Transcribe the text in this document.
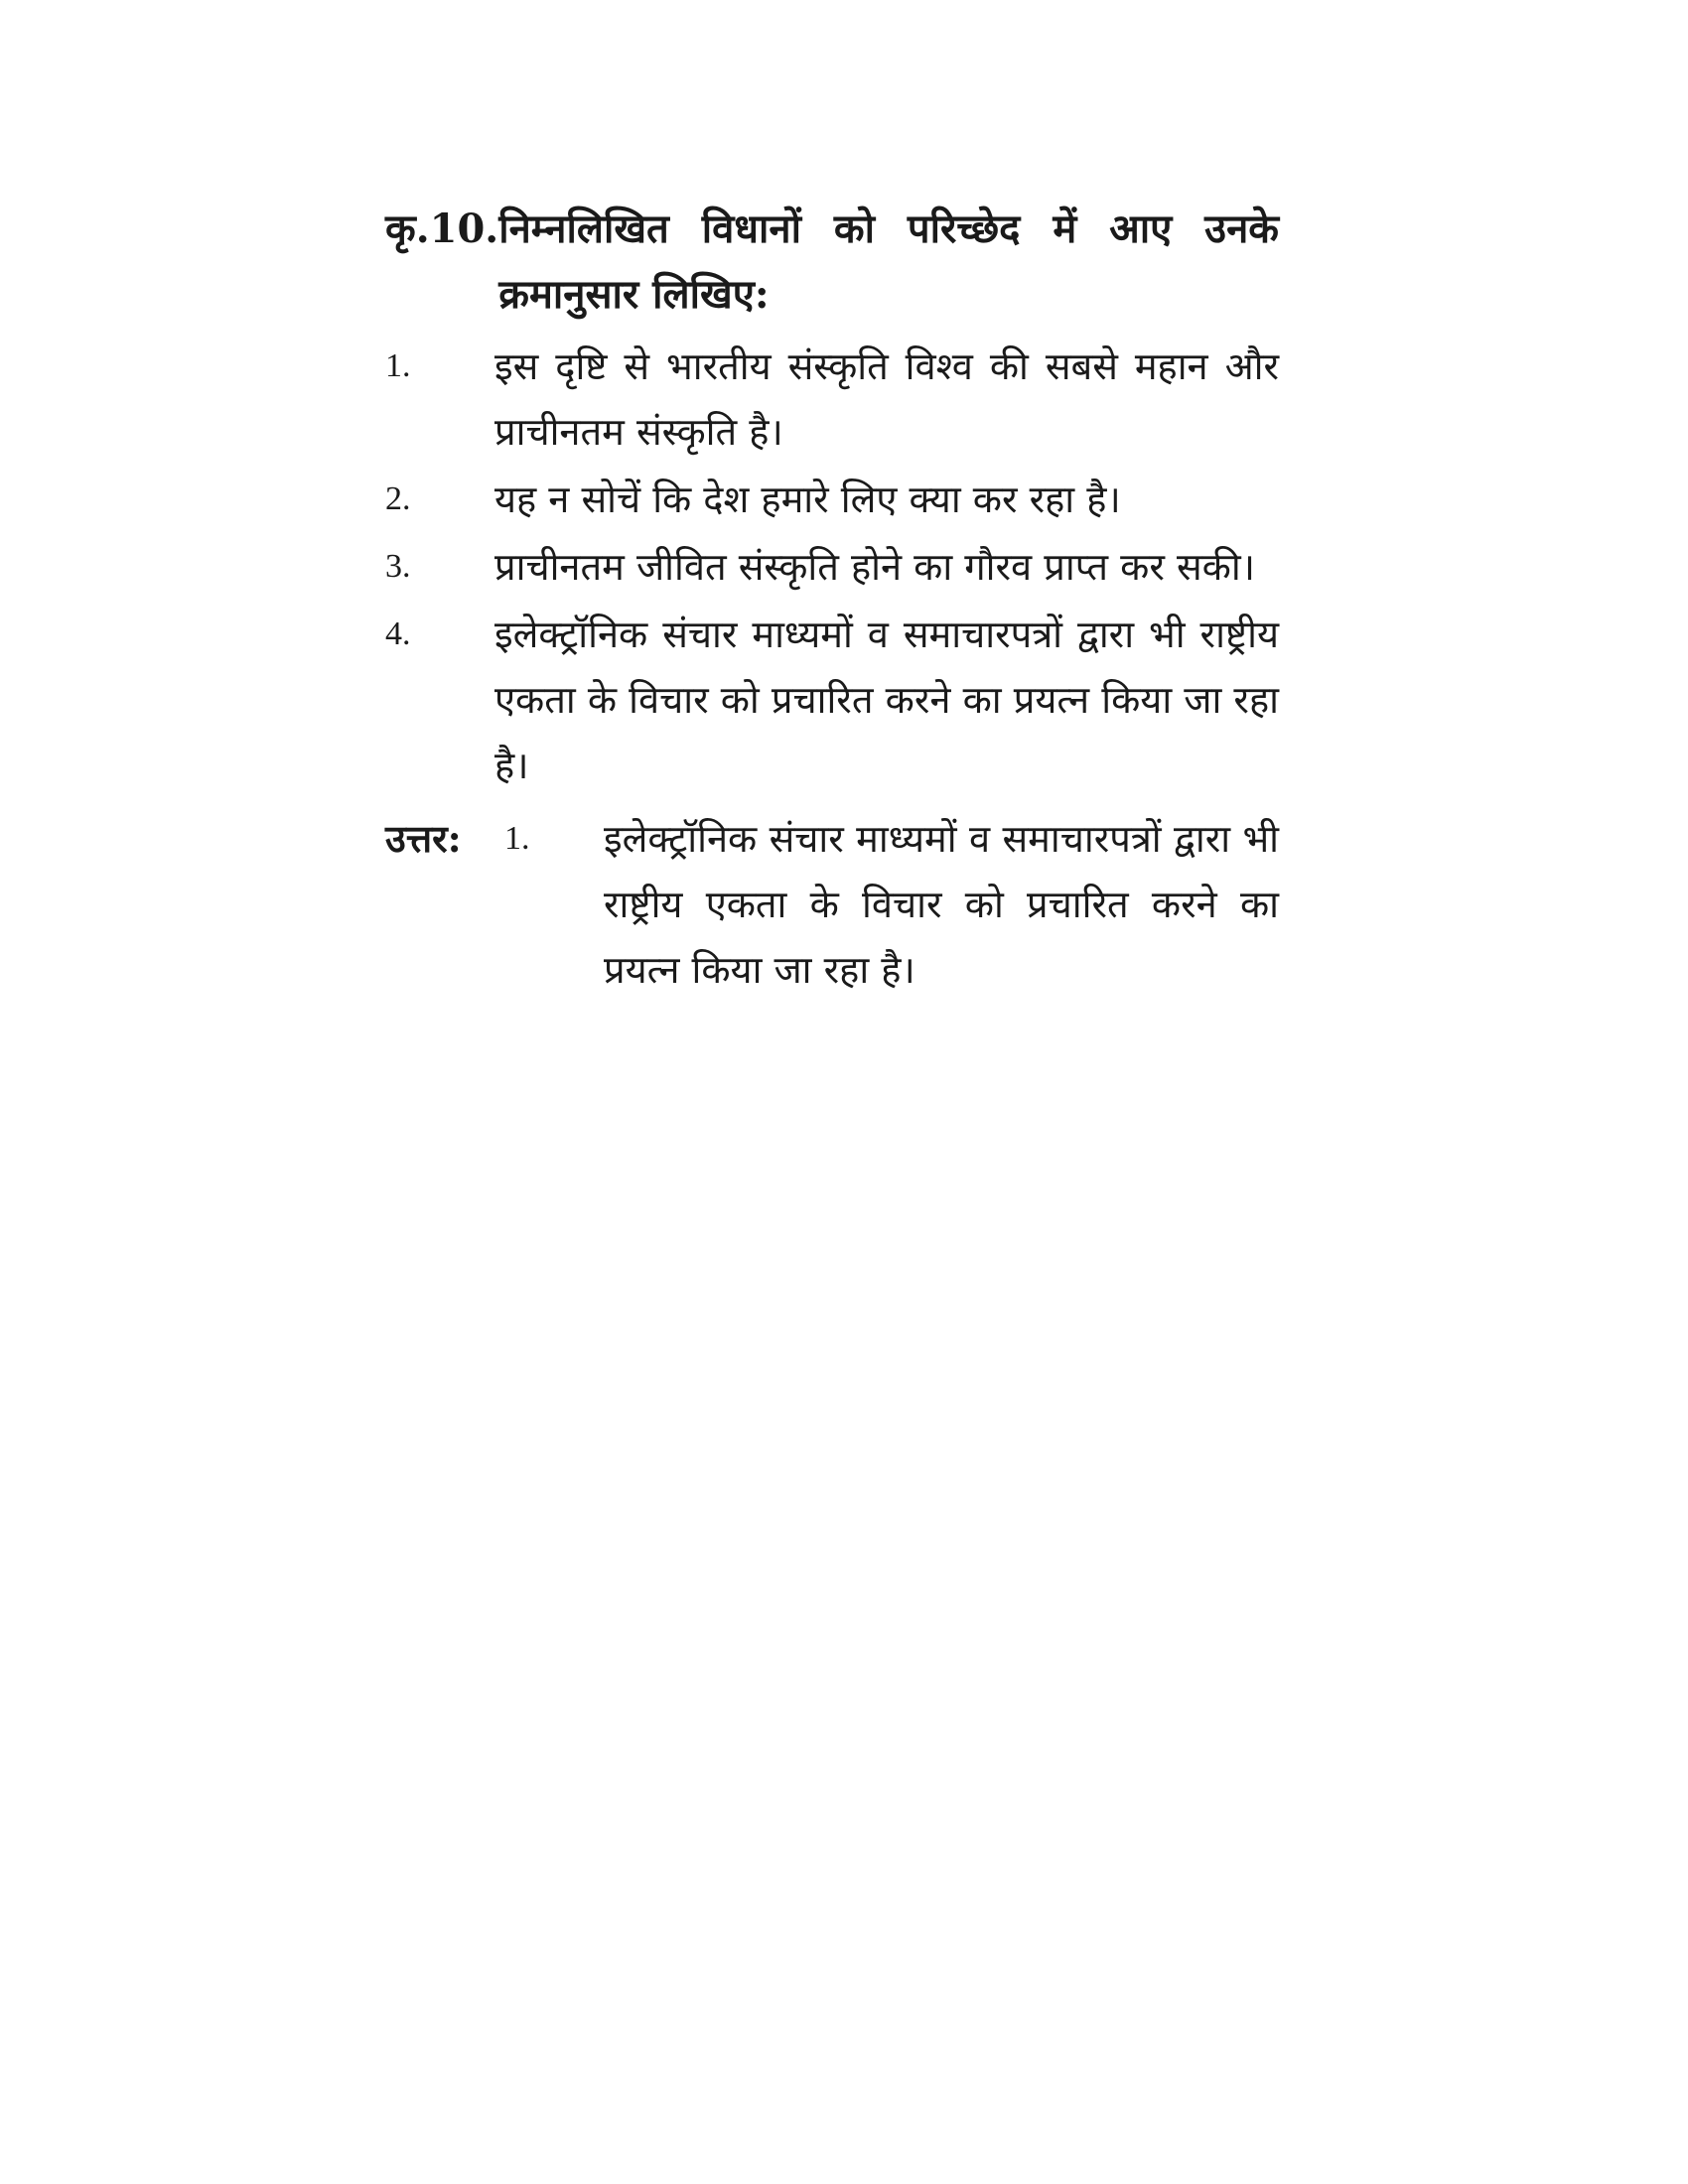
कृ.10. निम्नलिखित विधानों को परिच्छेद में आए उनके क्रमानुसार लिखिए:
1.	इस दृष्टि से भारतीय संस्कृति विश्व की सबसे महान और प्राचीनतम संस्कृति है।
2.	यह न सोचें कि देश हमारे लिए क्या कर रहा है।
3.	प्राचीनतम जीवित संस्कृति होने का गौरव प्राप्त कर सकी।
4.	इलेक्ट्रॉनिक संचार माध्यमों व समाचारपत्रों द्वारा भी राष्ट्रीय एकता के विचार को प्रचारित करने का प्रयत्न किया जा रहा है।
उत्तर:	1.	इलेक्ट्रॉनिक संचार माध्यमों व समाचारपत्रों द्वारा भी राष्ट्रीय एकता के विचार को प्रचारित करने का प्रयत्न किया जा रहा है।
